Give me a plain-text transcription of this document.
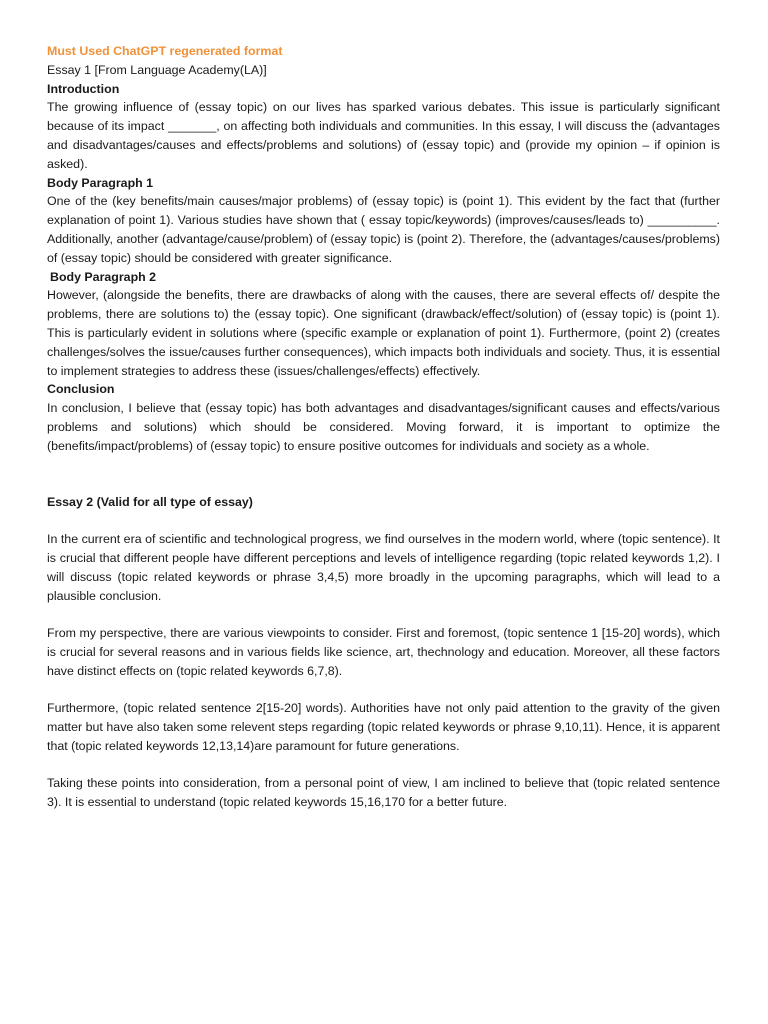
Must Used ChatGPT regenerated format

Essay 1 [From Language Academy(LA)]

Introduction

The growing influence of (essay topic) on our lives has sparked various debates. This issue is particularly significant because of its impact _______, on affecting both individuals and communities. In this essay, I will discuss the (advantages and disadvantages/causes and effects/problems and solutions) of (essay topic) and (provide my opinion – if opinion is asked).

Body Paragraph 1

One of the (key benefits/main causes/major problems) of (essay topic) is (point 1). This evident by the fact that (further explanation of point 1). Various studies have shown that ( essay topic/keywords) (improves/causes/leads to) __________. Additionally, another (advantage/cause/problem) of (essay topic) is (point 2). Therefore, the (advantages/causes/problems) of (essay topic) should be considered with greater significance.

Body Paragraph 2

However, (alongside the benefits, there are drawbacks of along with the causes, there are several effects of/ despite the problems, there are solutions to) the (essay topic). One significant (drawback/effect/solution) of (essay topic) is (point 1). This is particularly evident in solutions where (specific example or explanation of point 1). Furthermore, (point 2) (creates challenges/solves the issue/causes further consequences), which impacts both individuals and society. Thus, it is essential to implement strategies to address these (issues/challenges/effects) effectively.

Conclusion

In conclusion, I believe that (essay topic) has both advantages and disadvantages/significant causes and effects/various problems and solutions) which should be considered. Moving forward, it is important to optimize the (benefits/impact/problems) of (essay topic) to ensure positive outcomes for individuals and society as a whole.

Essay 2 (Valid for all type of essay)

In the current era of scientific and technological progress, we find ourselves in the modern world, where (topic sentence). It is crucial that different people have different perceptions and levels of intelligence regarding (topic related keywords 1,2). I will discuss (topic related keywords or phrase 3,4,5) more broadly in the upcoming paragraphs, which will lead to a plausible conclusion.

From my perspective, there are various viewpoints to consider. First and foremost, (topic sentence 1 [15-20] words), which is crucial for several reasons and in various fields like science, art, thechnology and education. Moreover, all these factors have distinct effects on (topic related keywords 6,7,8).

Furthermore, (topic related sentence 2[15-20] words). Authorities have not only paid attention to the gravity of the given matter but have also taken some relevent steps regarding (topic related keywords or phrase 9,10,11). Hence, it is apparent that (topic related keywords 12,13,14)are paramount for future generations.

Taking these points into consideration, from a personal point of view, I am inclined to believe that (topic related sentence 3). It is essential to understand (topic related keywords 15,16,170 for a better future.
